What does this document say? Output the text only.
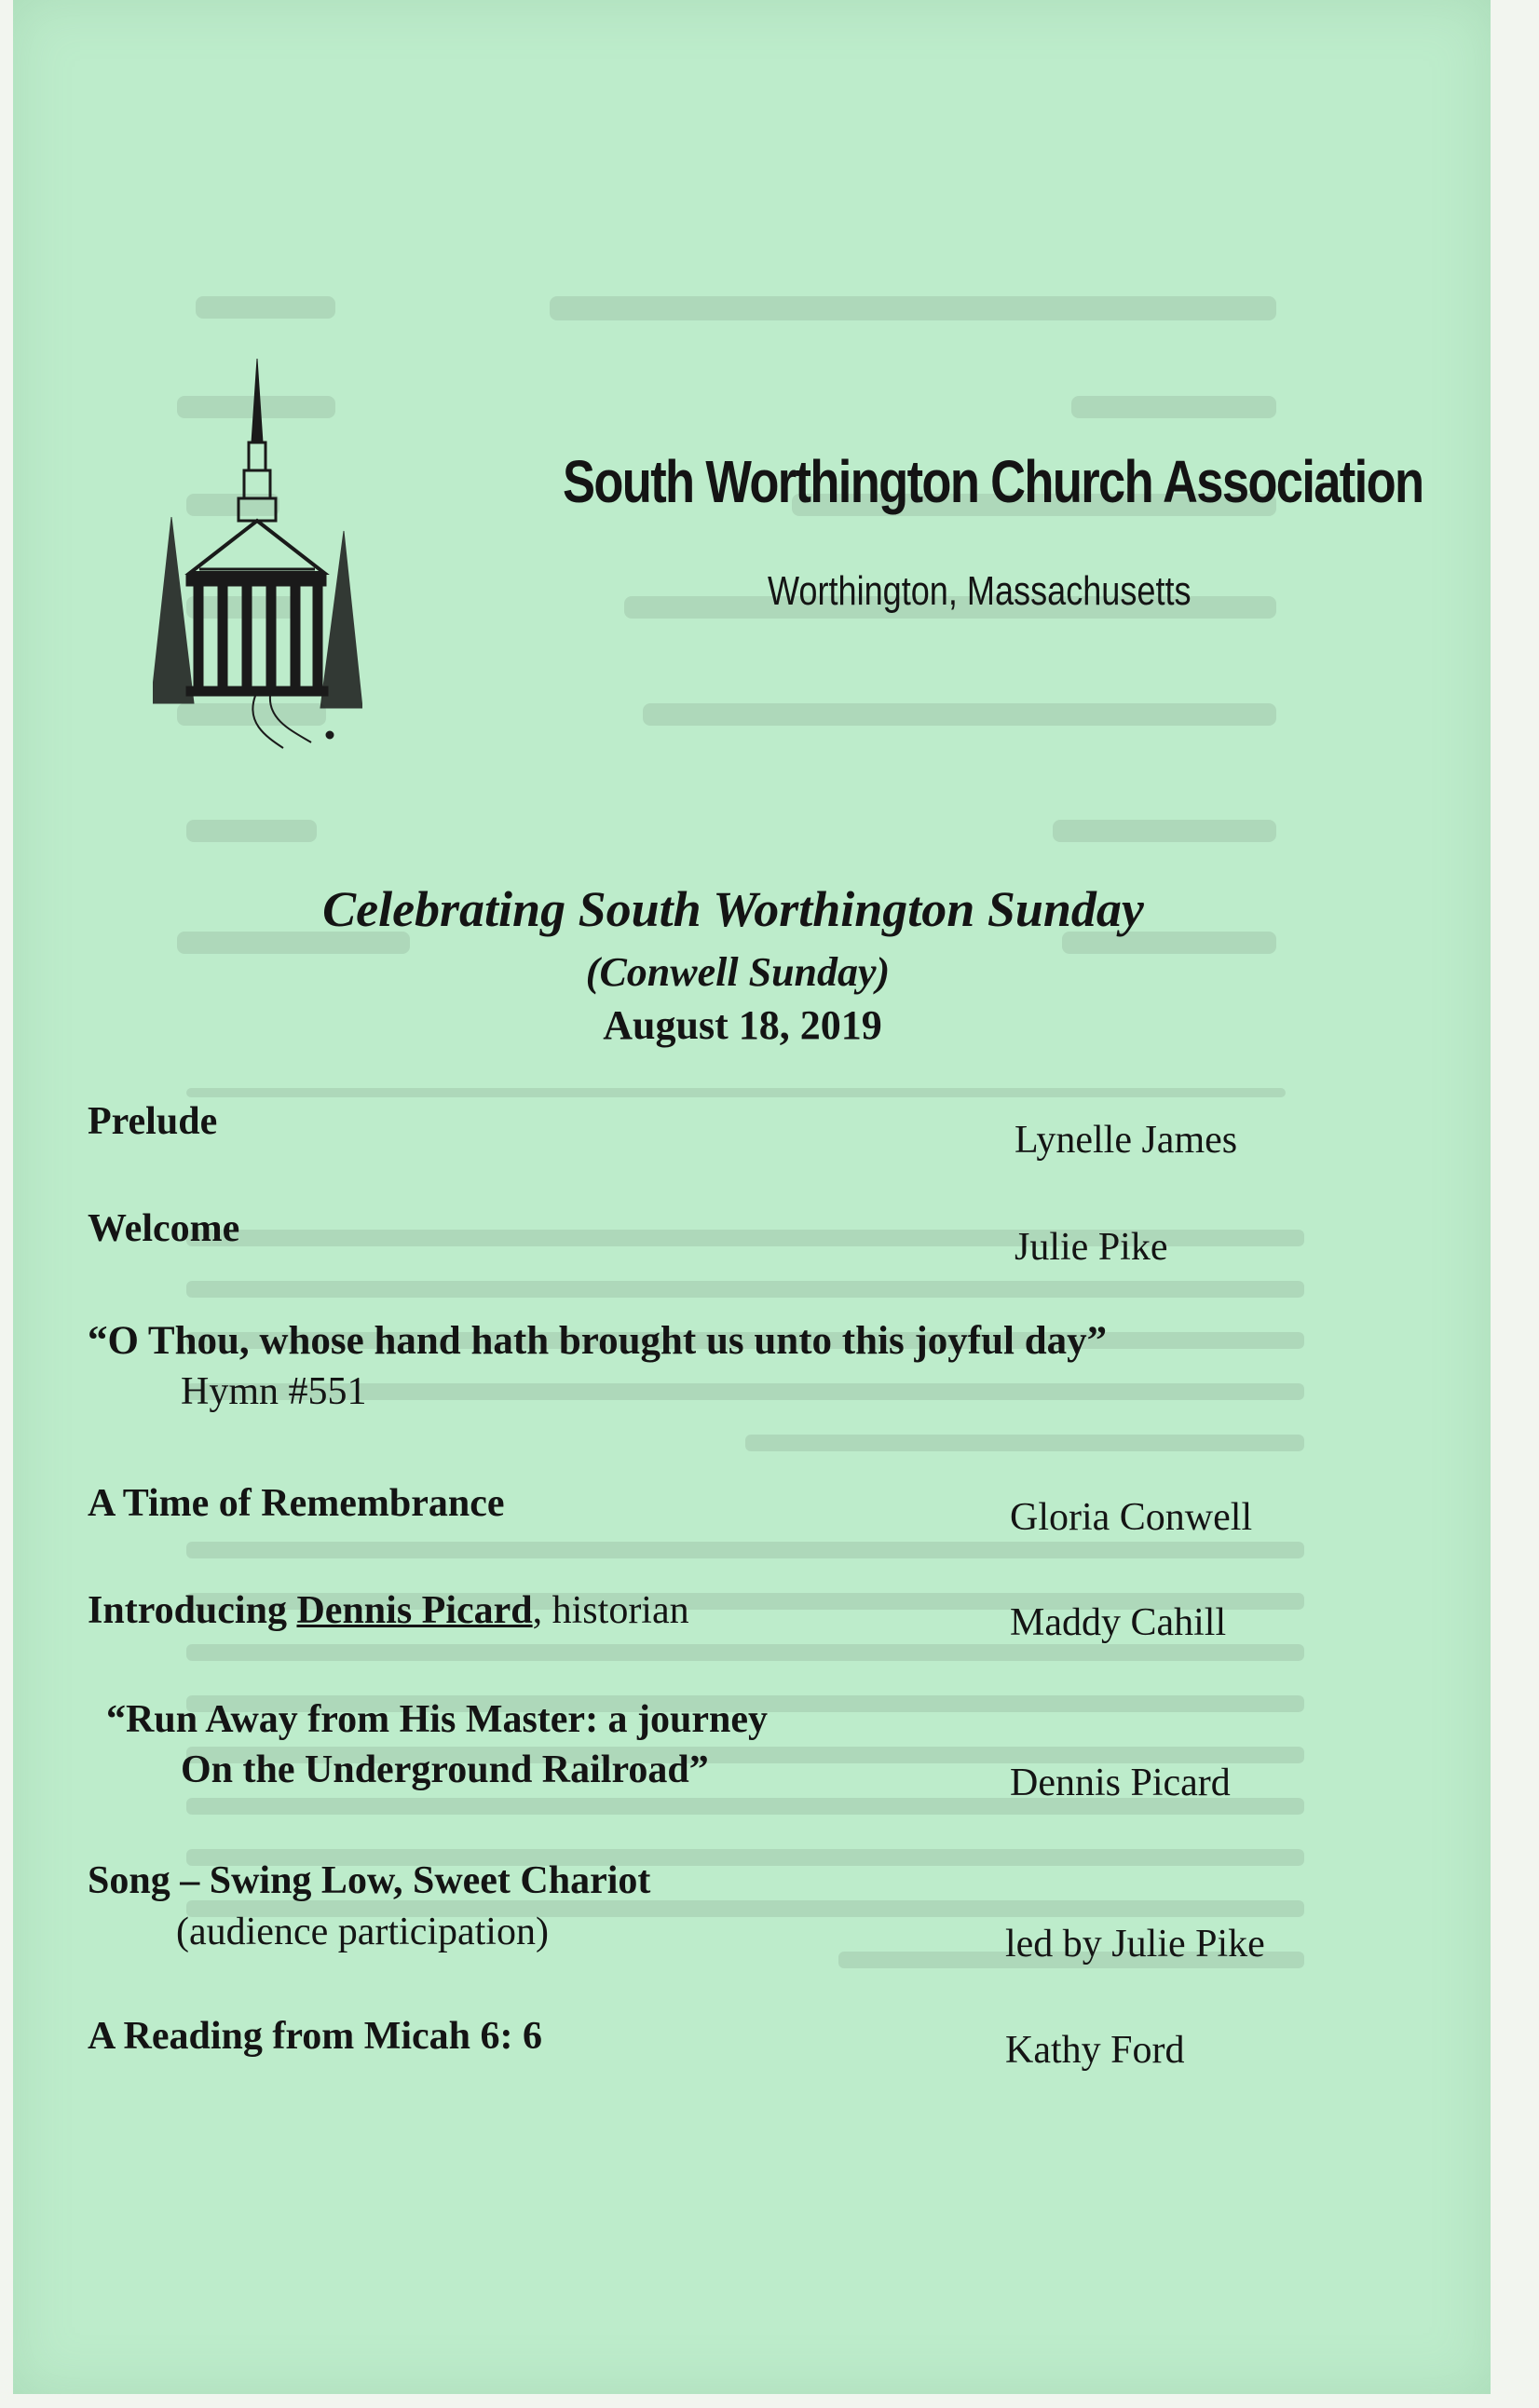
South Worthington Church Association
Worthington, Massachusetts
Celebrating South Worthington Sunday
(Conwell Sunday)
August 18, 2019
Prelude	Lynelle James
Welcome	Julie Pike
“O Thou, whose hand hath brought us unto this joyful day”
Hymn #551
A Time of Remembrance	Gloria Conwell
Introducing Dennis Picard, historian	Maddy Cahill
“Run Away from His Master: a journey
On the Underground Railroad”	Dennis Picard
Song – Swing Low, Sweet Chariot
(audience participation)	led by Julie Pike
A Reading from Micah 6: 6	Kathy Ford
